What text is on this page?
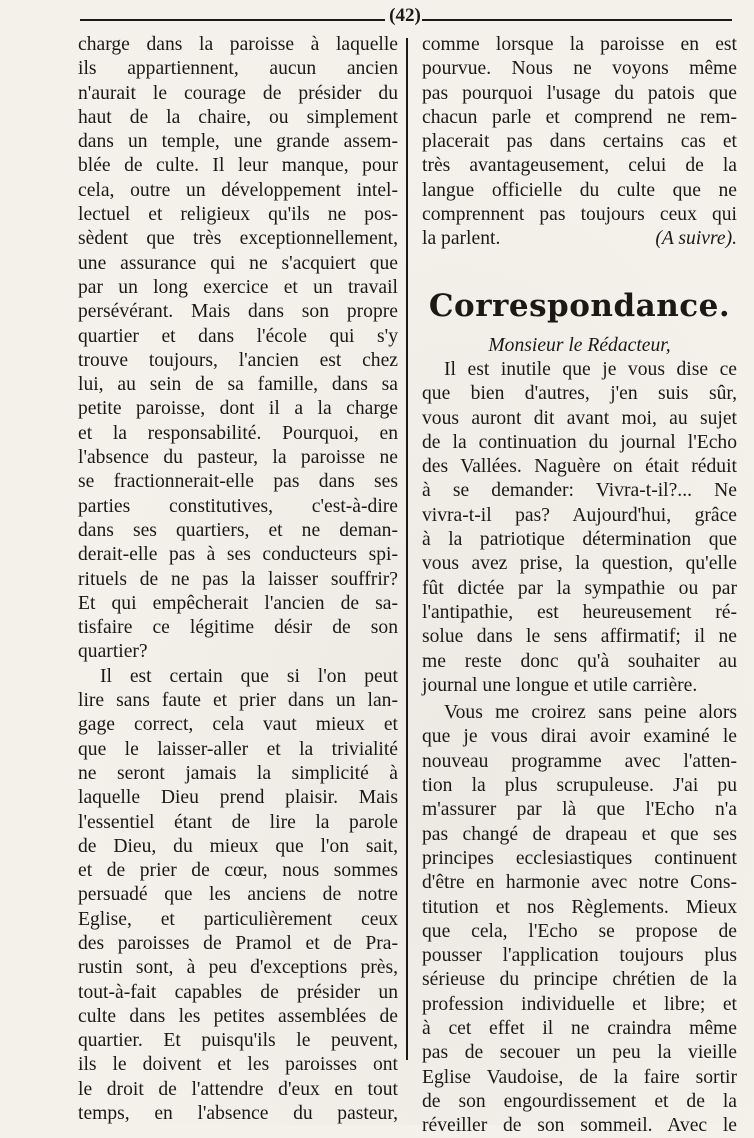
(42)
charge dans la paroisse à laquelle
ils appartiennent, aucun ancien
n'aurait le courage de présider du
haut de la chaire, ou simplement
dans un temple, une grande assem-
blée de culte. Il leur manque, pour
cela, outre un développement intel-
lectuel et religieux qu'ils ne pos-
sèdent que très exceptionnellement,
une assurance qui ne s'acquiert que
par un long exercice et un travail
persévérant. Mais dans son propre
quartier et dans l'école qui s'y
trouve toujours, l'ancien est chez
lui, au sein de sa famille, dans sa
petite paroisse, dont il a la charge
et la responsabilité. Pourquoi, en
l'absence du pasteur, la paroisse ne
se fractionnerait-elle pas dans ses
parties constitutives, c'est-à-dire
dans ses quartiers, et ne deman-
derait-elle pas à ses conducteurs spi-
rituels de ne pas la laisser souffrir?
Et qui empêcherait l'ancien de sa-
tisfaire ce légitime désir de son
quartier?
Il est certain que si l'on peut
lire sans faute et prier dans un lan-
gage correct, cela vaut mieux et
que le laisser-aller et la trivialité
ne seront jamais la simplicité à
laquelle Dieu prend plaisir. Mais
l'essentiel étant de lire la parole
de Dieu, du mieux que l'on sait,
et de prier de cœur, nous sommes
persuadé que les anciens de notre
Eglise, et particulièrement ceux
des paroisses de Pramol et de Pra-
rustin sont, à peu d'exceptions près,
tout-à-fait capables de présider un
culte dans les petites assemblées de
quartier. Et puisqu'ils le peuvent,
ils le doivent et les paroisses ont
le droit de l'attendre d'eux en tout
temps, en l'absence du pasteur,
comme lorsque la paroisse en est
pourvue. Nous ne voyons même
pas pourquoi l'usage du patois que
chacun parle et comprend ne rem-
placerait pas dans certains cas et
très avantageusement, celui de la
langue officielle du culte que ne
comprennent pas toujours ceux qui
la parlent.	(A suivre).
Correspondance.
Monsieur le Rédacteur,
Il est inutile que je vous dise ce
que bien d'autres, j'en suis sûr,
vous auront dit avant moi, au sujet
de la continuation du journal l'Echo
des Vallées. Naguère on était réduit
à se demander: Vivra-t-il?... Ne
vivra-t-il pas? Aujourd'hui, grâce
à la patriotique détermination que
vous avez prise, la question, qu'elle
fût dictée par la sympathie ou par
l'antipathie, est heureusement ré-
solue dans le sens affirmatif; il ne
me reste donc qu'à souhaiter au
journal une longue et utile carrière.
Vous me croirez sans peine alors
que je vous dirai avoir examiné le
nouveau programme avec l'atten-
tion la plus scrupuleuse. J'ai pu
m'assurer par là que l'Echo n'a
pas changé de drapeau et que ses
principes ecclesiastiques continuent
d'être en harmonie avec notre Cons-
titution et nos Règlements. Mieux
que cela, l'Echo se propose de
pousser l'application toujours plus
sérieuse du principe chrétien de la
profession individuelle et libre; et
à cet effet il ne craindra même
pas de secouer un peu la vieille
Eglise Vaudoise, de la faire sortir
de son engourdissement et de la
réveiller de son sommeil. Avec le
